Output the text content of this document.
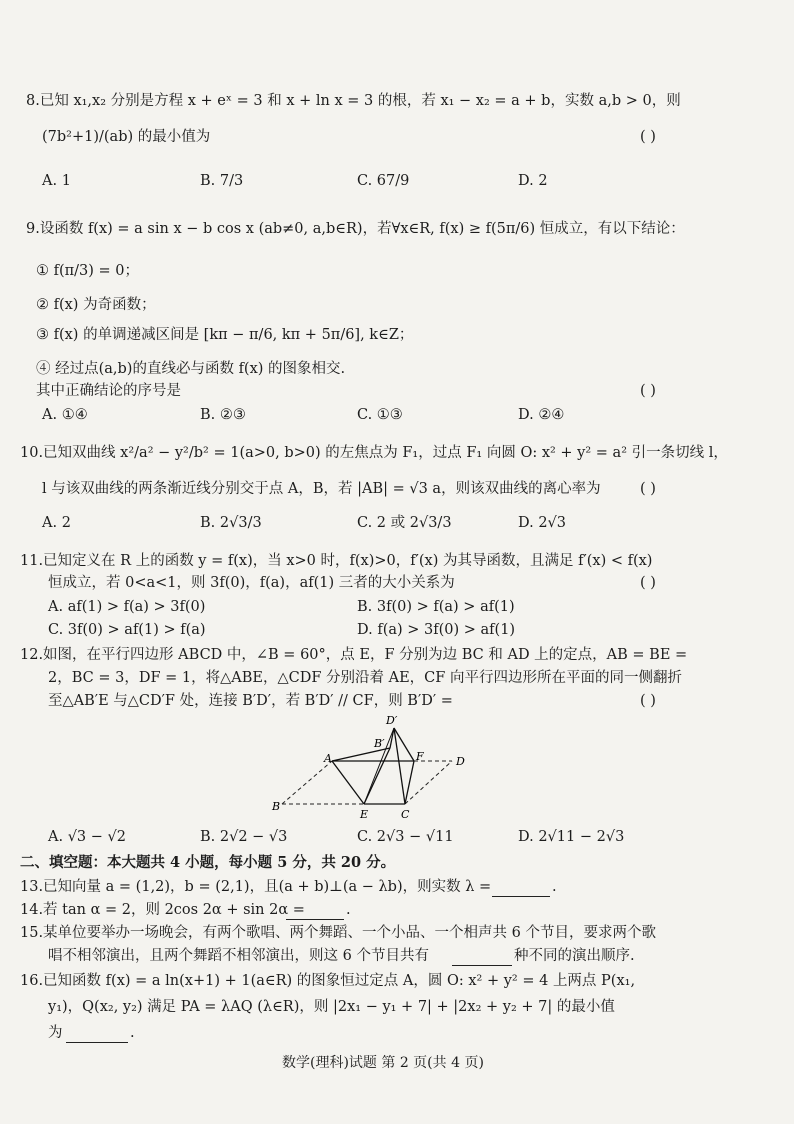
8.已知 x₁,x₂ 分别是方程 x + eˣ = 3 和 x + ln x = 3 的根，若 x₁ − x₂ = a + b，实数 a,b > 0，则
(7b²+1)/(ab) 的最小值为	( )
A. 1	B. 7/3	C. 67/9	D. 2
9.设函数 f(x) = a sin x − b cos x (ab≠0, a,b∈R)，若∀x∈R, f(x) ≥ f(5π/6) 恒成立，有以下结论：
① f(π/3) = 0；
② f(x) 为奇函数；
③ f(x) 的单调递减区间是 [kπ − π/6, kπ + 5π/6], k∈Z；
④ 经过点(a,b)的直线必与函数 f(x) 的图象相交.
其中正确结论的序号是	( )
A. ①④	B. ②③	C. ①③	D. ②④
10.已知双曲线 x²/a² − y²/b² = 1(a>0, b>0) 的左焦点为 F₁，过点 F₁ 向圆 O: x² + y² = a² 引一条切线 l，
l 与该双曲线的两条渐近线分别交于点 A，B，若 |AB| = √3 a，则该双曲线的离心率为	( )
A. 2	B. 2√3/3	C. 2 或 2√3/3	D. 2√3
11.已知定义在 R 上的函数 y = f(x)，当 x>0 时，f(x)>0，f′(x) 为其导函数，且满足 f′(x) < f(x)
恒成立，若 0<a<1，则 3f(0)，f(a)，af(1) 三者的大小关系为	( )
A. af(1) > f(a) > 3f(0)	B. 3f(0) > f(a) > af(1)
C. 3f(0) > af(1) > f(a)	D. f(a) > 3f(0) > af(1)
12.如图，在平行四边形 ABCD 中，∠B = 60°，点 E，F 分别为边 BC 和 AD 上的定点，AB = BE =
2，BC = 3，DF = 1，将△ABE，△CDF 分别沿着 AE，CF 向平行四边形所在平面的同一侧翻折
至△AB′E 与△CD′F 处，连接 B′D′，若 B′D′ // CF，则 B′D′ =	( )
D′
B′
A	F	D
B
E	C
A. √3 − √2	B. 2√2 − √3	C. 2√3 − √11	D. 2√11 − 2√3
二、填空题：本大题共 4 小题，每小题 5 分，共 20 分。
13.已知向量 a = (1,2)，b = (2,1)，且(a + b)⊥(a − λb)，则实数 λ =
	.
14.若 tan α = 2，则 2cos 2α + sin 2α =
	.
15.某单位要举办一场晚会，有两个歌唱、两个舞蹈、一个小品、一个相声共 6 个节目，要求两个歌
唱不相邻演出，且两个舞蹈不相邻演出，则这 6 个节目共有
	种不同的演出顺序.
16.已知函数 f(x) = a ln(x+1) + 1(a∈R) 的图象恒过定点 A，圆 O: x² + y² = 4 上两点 P(x₁,
y₁)，Q(x₂, y₂) 满足 PA = λAQ (λ∈R)，则 |2x₁ − y₁ + 7| + |2x₂ + y₂ + 7| 的最小值
为
	.
数学(理科)试题 第 2 页(共 4 页)
